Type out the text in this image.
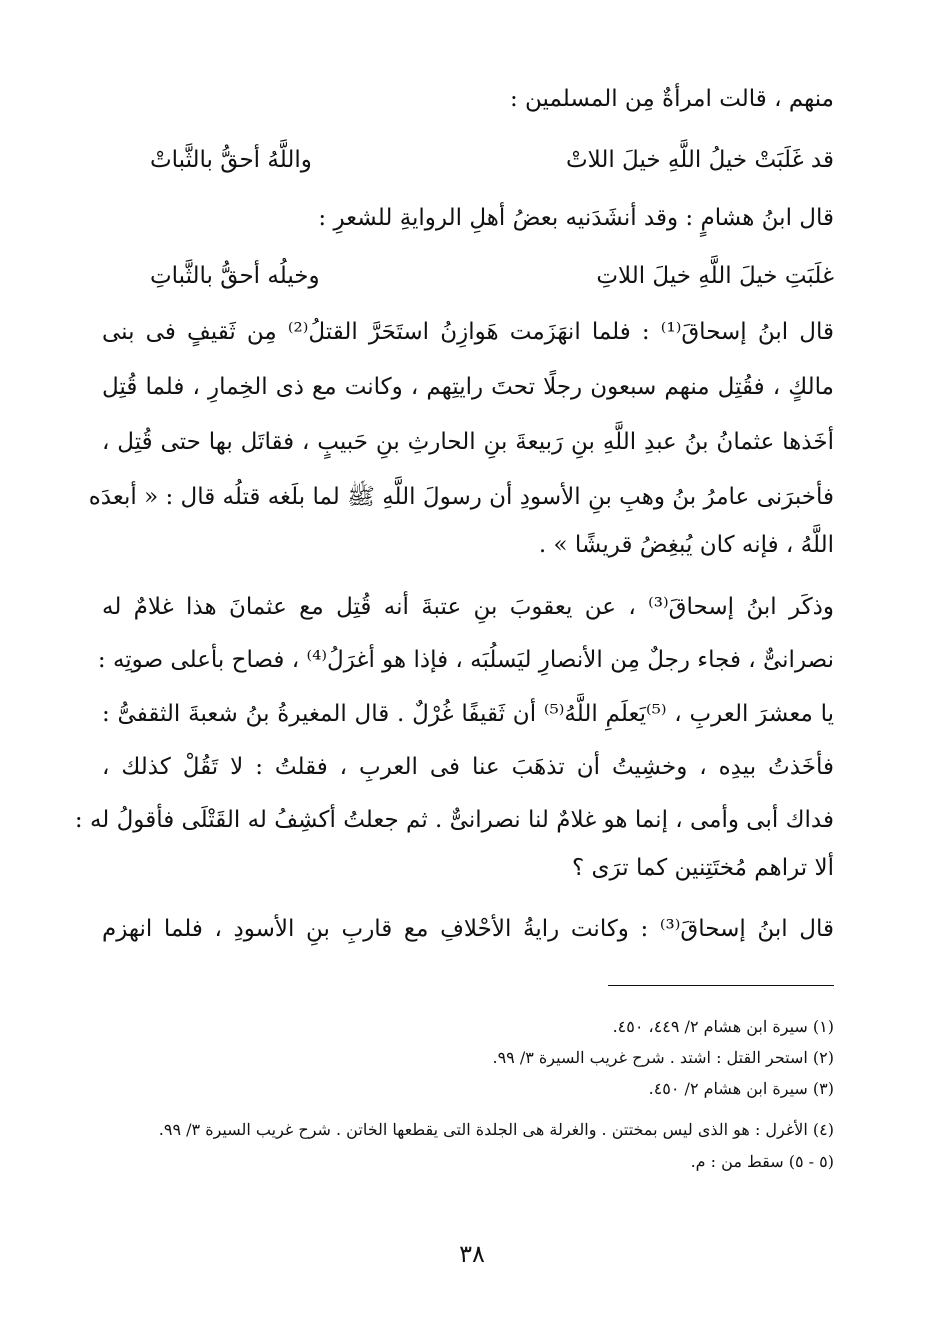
منهم ، قالت امرأةٌ مِن المسلمين :
قد غَلَبَتْ خيلُ اللَّهِ خيلَ اللاتْ
واللَّهُ أحقُّ بالثَّباتْ
قال ابنُ هشامٍ : وقد أنشَدَنيه بعضُ أهلِ الروايةِ للشعرِ :
غلَبَتِ خيلَ اللَّهِ خيلَ اللاتِ
وخيلُه أحقُّ بالثَّباتِ
قال ابنُ إسحاقَ⁽¹⁾ : فلما انهَزَمت هَوازِنُ استَحَرَّ القتلُ⁽²⁾ مِن ثَقيفٍ فى بنى
مالكٍ ، فقُتِل منهم سبعون رجلًا تحتَ رايتِهم ، وكانت مع ذى الخِمارِ ، فلما قُتِل
أخَذها عثمانُ بنُ عبدِ اللَّهِ بنِ رَبيعةَ بنِ الحارثِ بنِ حَبيبٍ ، فقاتَل بها حتى قُتِل ،
فأخبرَنى عامرُ بنُ وهبِ بنِ الأسودِ أن رسولَ اللَّهِ ﷺ لما بلَغه قتلُه قال : « أبعدَه
اللَّهُ ، فإنه كان يُبغِضُ قريشًا » .
وذكَر ابنُ إسحاقَ⁽³⁾ ، عن يعقوبَ بنِ عتبةَ أنه قُتِل مع عثمانَ هذا غلامٌ له
نصرانىٌّ ، فجاء رجلٌ مِن الأنصارِ ليَسلُبَه ، فإذا هو أغرَلُ⁽⁴⁾ ، فصاح بأعلى صوتِه :
يا معشرَ العربِ ، ⁽⁵⁾يَعلَمِ اللَّهُ⁽⁵⁾ أن ثَقيفًا غُرْلٌ . قال المغيرةُ بنُ شعبةَ الثقفىُّ :
فأخَذتُ بيدِه ، وخشِيتُ أن تذهَبَ عنا فى العربِ ، فقلتُ : لا تَقُلْ كذلك ،
فداك أبى وأمى ، إنما هو غلامٌ لنا نصرانىٌّ . ثم جعلتُ أكشِفُ له القَتْلَى فأقولُ له :
ألا تراهم مُختَتِنين كما ترَى ؟
قال ابنُ إسحاقَ⁽³⁾ : وكانت رايةُ الأحْلافِ مع قاربِ بنِ الأسودِ ، فلما انهزم
(١) سيرة ابن هشام ٢/ ٤٤٩، ٤٥٠.
(٢) استحر القتل : اشتد . شرح غريب السيرة ٣/ ٩٩.
(٣) سيرة ابن هشام ٢/ ٤٥٠.
(٤) الأغرل : هو الذى ليس بمختتن . والغرلة هى الجلدة التى يقطعها الخاتن . شرح غريب السيرة ٣/ ٩٩.
(٥ - ٥) سقط من : م.
٣٨
